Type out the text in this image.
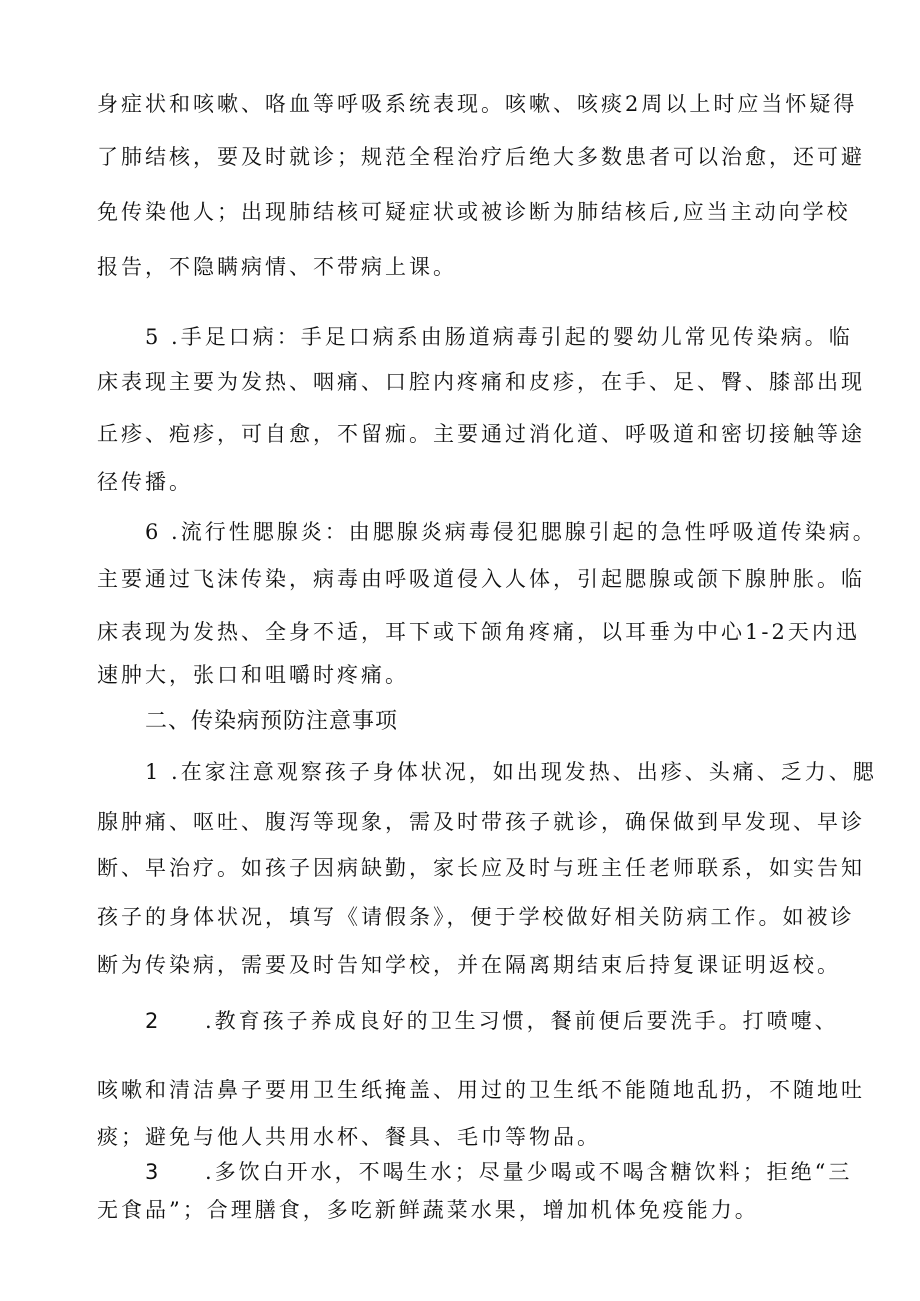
身症状和咳嗽、咯血等呼吸系统表现。咳嗽、咳痰2周以上时应当怀疑得
了肺结核，要及时就诊；规范全程治疗后绝大多数患者可以治愈，还可避
免传染他人；出现肺结核可疑症状或被诊断为肺结核后,应当主动向学校
报告，不隐瞒病情、不带病上课。
5 .手足口病：手足口病系由肠道病毒引起的婴幼儿常见传染病。临
床表现主要为发热、咽痛、口腔内疼痛和皮疹，在手、足、臀、膝部出现
丘疹、疱疹，可自愈，不留痂。主要通过消化道、呼吸道和密切接触等途
径传播。
6 .流行性腮腺炎：由腮腺炎病毒侵犯腮腺引起的急性呼吸道传染病。
主要通过飞沫传染，病毒由呼吸道侵入人体，引起腮腺或颌下腺肿胀。临
床表现为发热、全身不适，耳下或下颌角疼痛，以耳垂为中心1-2天内迅
速肿大，张口和咀嚼时疼痛。
二、传染病预防注意事项
1 .在家注意观察孩子身体状况，如出现发热、出疹、头痛、乏力、腮
腺肿痛、呕吐、腹泻等现象，需及时带孩子就诊，确保做到早发现、早诊
断、早治疗。如孩子因病缺勤，家长应及时与班主任老师联系，如实告知
孩子的身体状况，填写《请假条》，便于学校做好相关防病工作。如被诊
断为传染病，需要及时告知学校，并在隔离期结束后持复课证明返校。
2 .教育孩子养成良好的卫生习惯，餐前便后要洗手。打喷嚏、
咳嗽和清洁鼻子要用卫生纸掩盖、用过的卫生纸不能随地乱扔，不随地吐
痰；避免与他人共用水杯、餐具、毛巾等物品。
3 .多饮白开水，不喝生水；尽量少喝或不喝含糖饮料；拒绝“三
无食品”；合理膳食，多吃新鲜蔬菜水果，增加机体免疫能力。
